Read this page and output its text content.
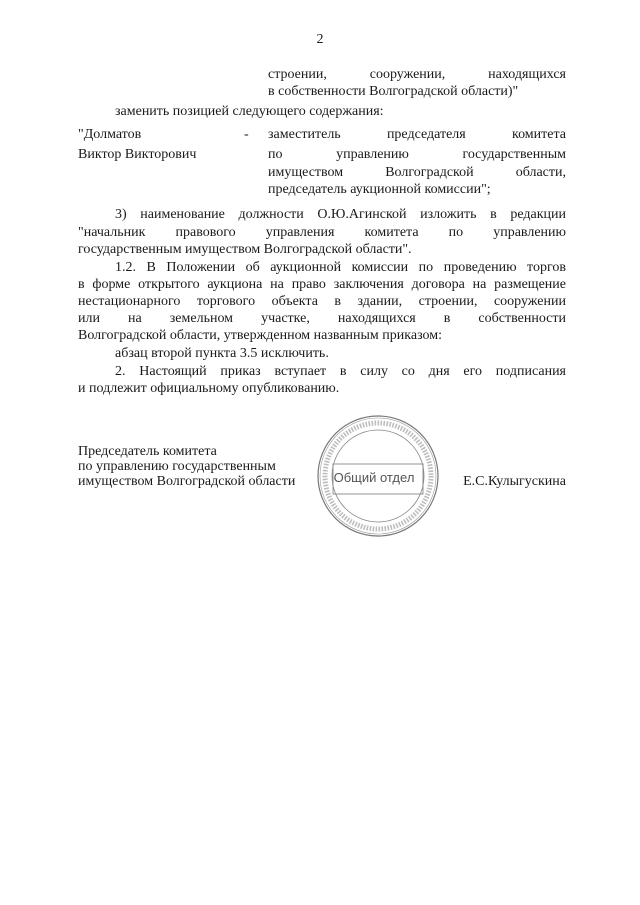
2
строении, сооружении, находящихся
в собственности Волгоградской области)"
заменить позицией следующего содержания:
"Долматов
Виктор Викторович
- заместитель председателя комитета
по управлению государственным
имуществом Волгоградской области,
председатель аукционной комиссии";
3) наименование должности О.Ю.Агинской изложить в редакции
"начальник правового управления комитета по управлению
государственным имуществом Волгоградской области".
1.2. В Положении об аукционной комиссии по проведению торгов
в форме открытого аукциона на право заключения договора на размещение
нестационарного торгового объекта в здании, строении, сооружении
или на земельном участке, находящихся в собственности
Волгоградской области, утвержденном названным приказом:
абзац второй пункта 3.5 исключить.
2. Настоящий приказ вступает в силу со дня его подписания
и подлежит официальному опубликованию.
Председатель комитета
по управлению государственным
имуществом Волгоградской области	Общий отдел	Е.С.Кулыгускина
